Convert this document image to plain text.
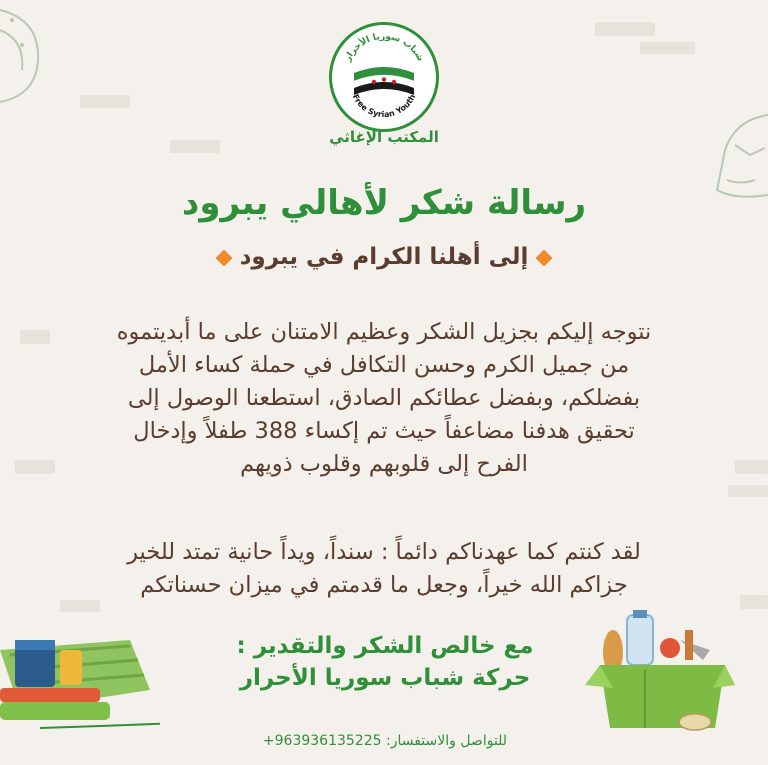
شباب سوريا الأحرار
Free Syrian Youth
المكتب الإغاثي
رسالة شكر لأهالي يبرود
إلى أهلنا الكرام في يبرود
نتوجه إليكم بجزيل الشكر وعظيم الامتنان على ما أبديتموه
من جميل الكرم وحسن التكافل في حملة كساء الأمل
بفضلكم، وبفضل عطائكم الصادق، استطعنا الوصول إلى
تحقيق هدفنا مضاعفاً حيث تم إكساء 388 طفلاً وإدخال
الفرح إلى قلوبهم وقلوب ذويهم
لقد كنتم كما عهدناكم دائماً : سنداً، ويداً حانية تمتد للخير
جزاكم الله خيراً، وجعل ما قدمتم في ميزان حسناتكم
مع خالص الشكر والتقدير :
حركة شباب سوريا الأحرار
للتواصل والاستفسار: +963936135225
